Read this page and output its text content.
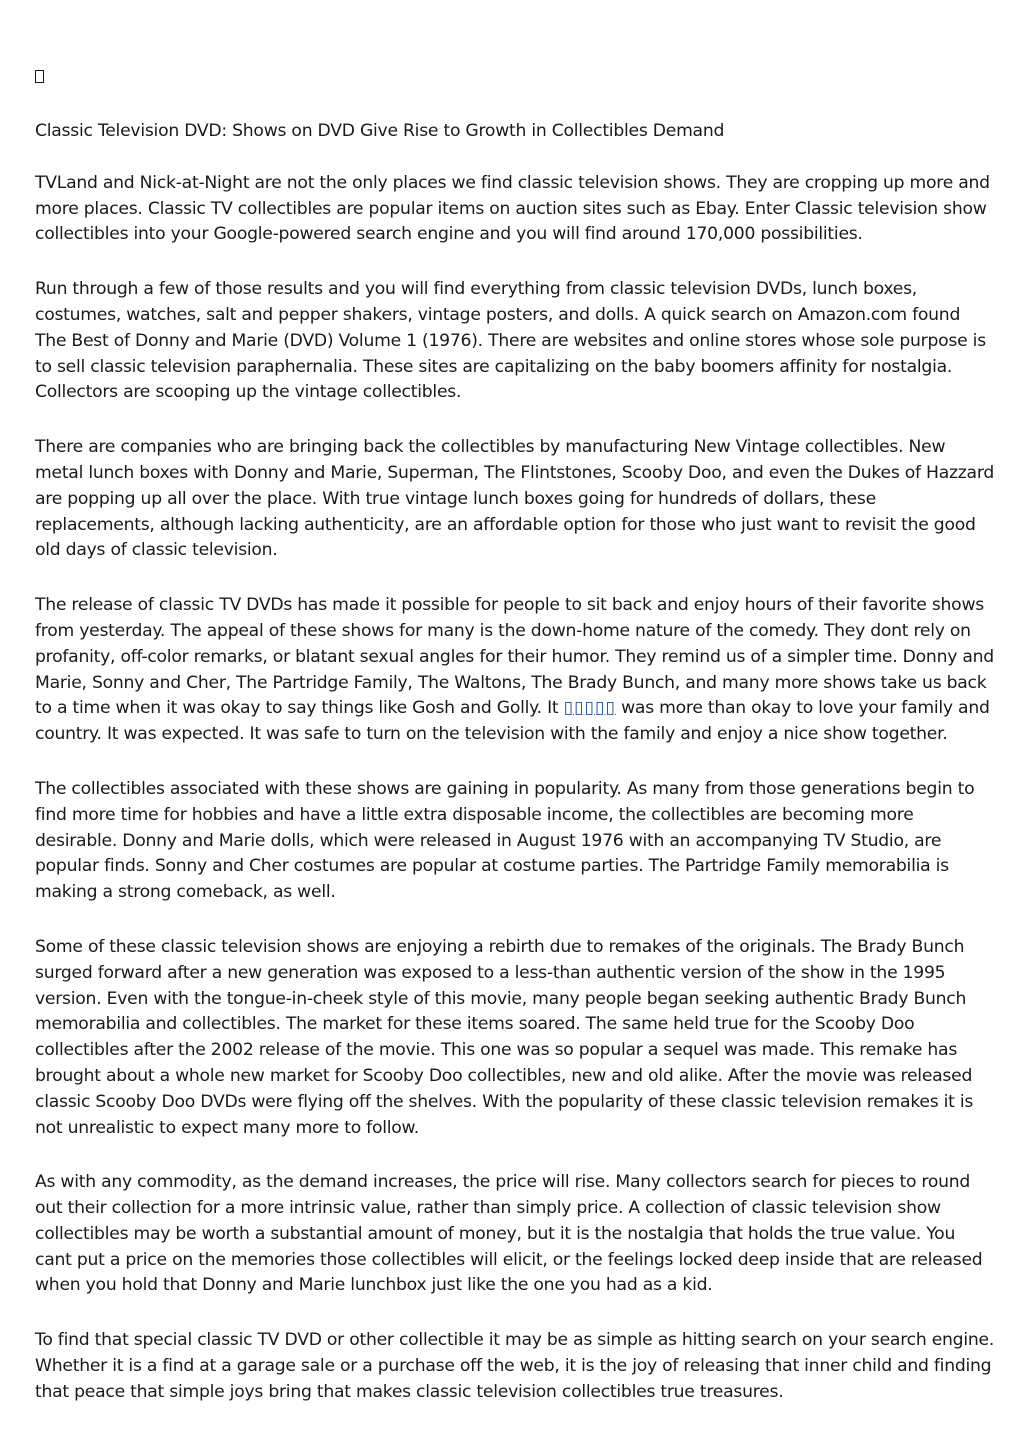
Classic Television DVD: Shows on DVD Give Rise to Growth in Collectibles Demand

TVLand and Nick-at-Night are not the only places we find classic television shows. They are cropping up more and more places. Classic TV collectibles are popular items on auction sites such as Ebay. Enter Classic television show collectibles into your Google-powered search engine and you will find around 170,000 possibilities.

Run through a few of those results and you will find everything from classic television DVDs, lunch boxes, costumes, watches, salt and pepper shakers, vintage posters, and dolls. A quick search on Amazon.com found The Best of Donny and Marie (DVD) Volume 1 (1976). There are websites and online stores whose sole purpose is to sell classic television paraphernalia. These sites are capitalizing on the baby boomers affinity for nostalgia. Collectors are scooping up the vintage collectibles.

There are companies who are bringing back the collectibles by manufacturing New Vintage collectibles. New metal lunch boxes with Donny and Marie, Superman, The Flintstones, Scooby Doo, and even the Dukes of Hazzard are popping up all over the place. With true vintage lunch boxes going for hundreds of dollars, these replacements, although lacking authenticity, are an affordable option for those who just want to revisit the good old days of classic television.

The release of classic TV DVDs has made it possible for people to sit back and enjoy hours of their favorite shows from yesterday. The appeal of these shows for many is the down-home nature of the comedy. They dont rely on profanity, off-color remarks, or blatant sexual angles for their humor. They remind us of a simpler time. Donny and Marie, Sonny and Cher, The Partridge Family, The Waltons, The Brady Bunch, and many more shows take us back to a time when it was okay to say things like Gosh and Golly. It ▯▯▯▯▯ was more than okay to love your family and country. It was expected. It was safe to turn on the television with the family and enjoy a nice show together.

The collectibles associated with these shows are gaining in popularity. As many from those generations begin to find more time for hobbies and have a little extra disposable income, the collectibles are becoming more desirable. Donny and Marie dolls, which were released in August 1976 with an accompanying TV Studio, are popular finds. Sonny and Cher costumes are popular at costume parties. The Partridge Family memorabilia is making a strong comeback, as well.

Some of these classic television shows are enjoying a rebirth due to remakes of the originals. The Brady Bunch surged forward after a new generation was exposed to a less-than authentic version of the show in the 1995 version. Even with the tongue-in-cheek style of this movie, many people began seeking authentic Brady Bunch memorabilia and collectibles. The market for these items soared. The same held true for the Scooby Doo collectibles after the 2002 release of the movie. This one was so popular a sequel was made. This remake has brought about a whole new market for Scooby Doo collectibles, new and old alike. After the movie was released classic Scooby Doo DVDs were flying off the shelves. With the popularity of these classic television remakes it is not unrealistic to expect many more to follow.

As with any commodity, as the demand increases, the price will rise. Many collectors search for pieces to round out their collection for a more intrinsic value, rather than simply price. A collection of classic television show collectibles may be worth a substantial amount of money, but it is the nostalgia that holds the true value. You cant put a price on the memories those collectibles will elicit, or the feelings locked deep inside that are released when you hold that Donny and Marie lunchbox just like the one you had as a kid.

To find that special classic TV DVD or other collectible it may be as simple as hitting search on your search engine. Whether it is a find at a garage sale or a purchase off the web, it is the joy of releasing that inner child and finding that peace that simple joys bring that makes classic television collectibles true treasures.
